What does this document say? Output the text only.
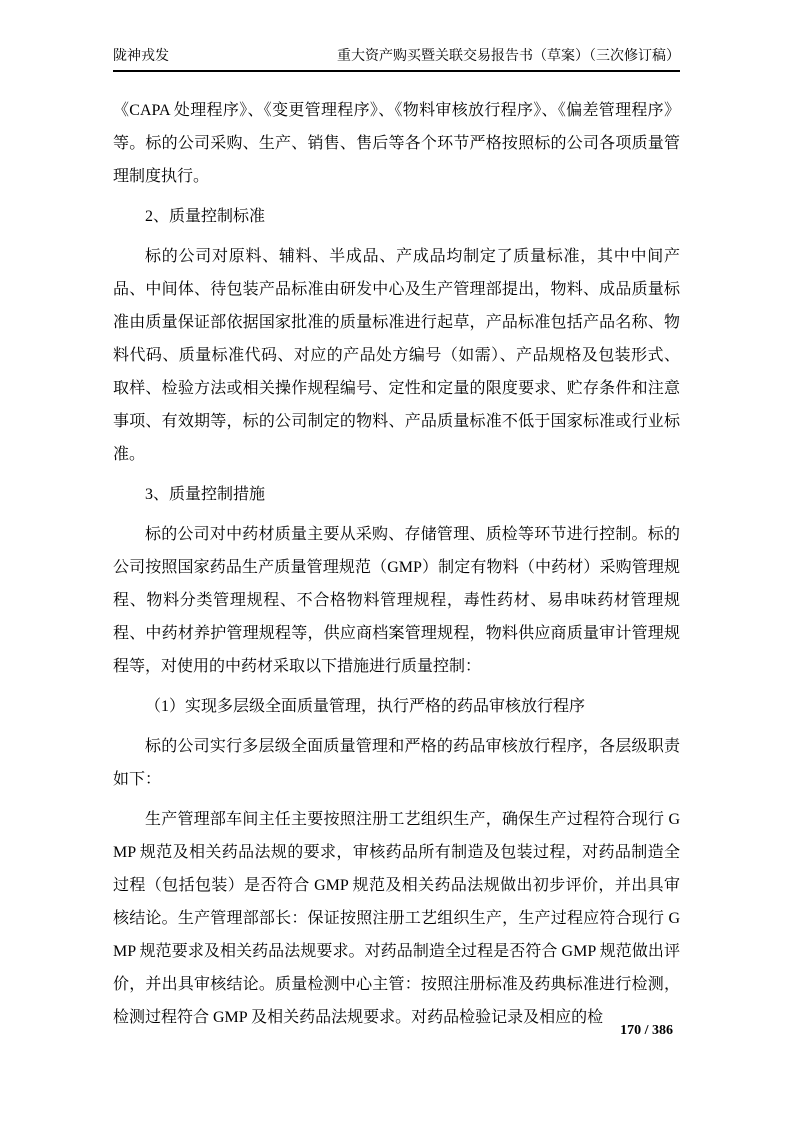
陇神戎发	重大资产购买暨关联交易报告书（草案）（三次修订稿）

《CAPA 处理程序》、《变更管理程序》、《物料审核放行程序》、《偏差管理程序》等。标的公司采购、生产、销售、售后等各个环节严格按照标的公司各项质量管理制度执行。

2、质量控制标准

标的公司对原料、辅料、半成品、产成品均制定了质量标准，其中中间产品、中间体、待包装产品标准由研发中心及生产管理部提出，物料、成品质量标准由质量保证部依据国家批准的质量标准进行起草，产品标准包括产品名称、物料代码、质量标准代码、对应的产品处方编号（如需）、产品规格及包装形式、取样、检验方法或相关操作规程编号、定性和定量的限度要求、贮存条件和注意事项、有效期等，标的公司制定的物料、产品质量标准不低于国家标准或行业标准。

3、质量控制措施

标的公司对中药材质量主要从采购、存储管理、质检等环节进行控制。标的公司按照国家药品生产质量管理规范（GMP）制定有物料（中药材）采购管理规程、物料分类管理规程、不合格物料管理规程，毒性药材、易串味药材管理规程、中药材养护管理规程等，供应商档案管理规程，物料供应商质量审计管理规程等，对使用的中药材采取以下措施进行质量控制：

（1）实现多层级全面质量管理，执行严格的药品审核放行程序

标的公司实行多层级全面质量管理和严格的药品审核放行程序，各层级职责如下：

生产管理部车间主任主要按照注册工艺组织生产，确保生产过程符合现行 GMP 规范及相关药品法规的要求，审核药品所有制造及包装过程，对药品制造全过程（包括包装）是否符合 GMP 规范及相关药品法规做出初步评价，并出具审核结论。生产管理部部长：保证按照注册工艺组织生产，生产过程应符合现行 GMP 规范要求及相关药品法规要求。对药品制造全过程是否符合 GMP 规范做出评价，并出具审核结论。质量检测中心主管：按照注册标准及药典标准进行检测，检测过程符合 GMP 及相关药品法规要求。对药品检验记录及相应的检

170 / 386
